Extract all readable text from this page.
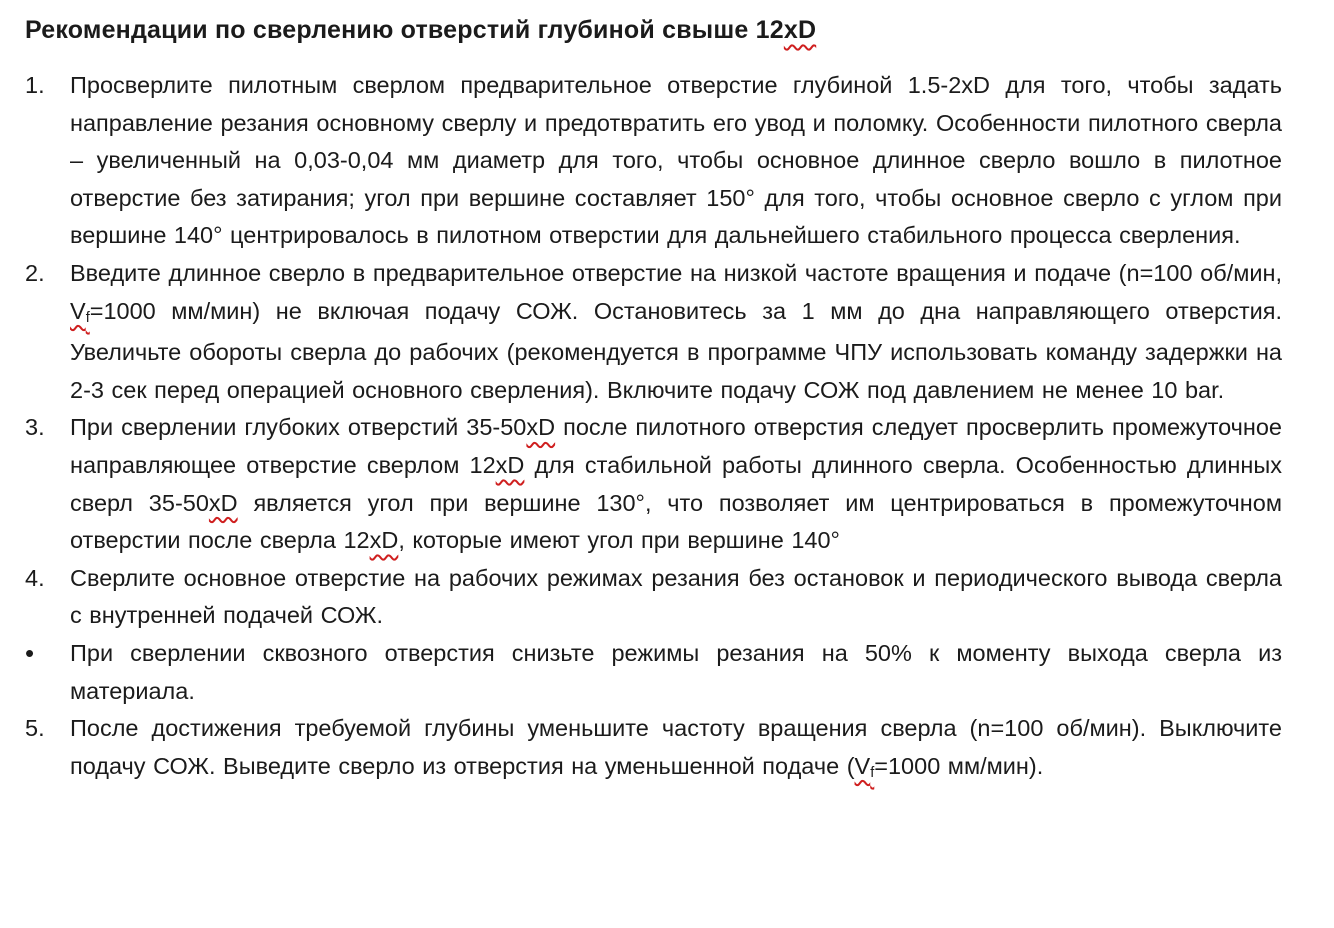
Рекомендации по сверлению отверстий глубиной свыше 12xD
1. Просверлите пилотным сверлом предварительное отверстие глубиной 1.5-2xD для того, чтобы задать направление резания основному сверлу и предотвратить его увод и поломку. Особенности пилотного сверла – увеличенный на 0,03-0,04 мм диаметр для того, чтобы основное длинное сверло вошло в пилотное отверстие без затирания; угол при вершине составляет 150° для того, чтобы основное сверло с углом при вершине 140° центрировалось в пилотном отверстии для дальнейшего стабильного процесса сверления.
2. Введите длинное сверло в предварительное отверстие на низкой частоте вращения и подаче (n=100 об/мин, Vf=1000 мм/мин) не включая подачу СОЖ. Остановитесь за 1 мм до дна направляющего отверстия. Увеличьте обороты сверла до рабочих (рекомендуется в программе ЧПУ использовать команду задержки на 2-3 сек перед операцией основного сверления). Включите подачу СОЖ под давлением не менее 10 bar.
3. При сверлении глубоких отверстий 35-50xD после пилотного отверстия следует просверлить промежуточное направляющее отверстие сверлом 12xD для стабильной работы длинного сверла. Особенностью длинных сверл 35-50xD является угол при вершине 130°, что позволяет им центрироваться в промежуточном отверстии после сверла 12xD, которые имеют угол при вершине 140°
4. Сверлите основное отверстие на рабочих режимах резания без остановок и периодического вывода сверла с внутренней подачей СОЖ.
• При сверлении сквозного отверстия снизьте режимы резания на 50% к моменту выхода сверла из материала.
5. После достижения требуемой глубины уменьшите частоту вращения сверла (n=100 об/мин). Выключите подачу СОЖ. Выведите сверло из отверстия на уменьшенной подаче (Vf=1000 мм/мин).
